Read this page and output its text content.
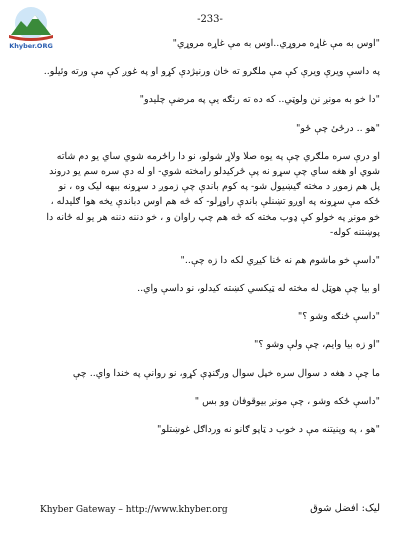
Khyber.ORG
-233-

"اوس به مې غاړه مروړي..اوس به مې غاړه مروړي"

په داسې ويرې ويرې کې مې ملګرو ته خان ورنيژدې کړو او په غوږ کې مې ورته وئيلو..

"دا خو به مونږ نن ولوټي.. که ده ته رنګه يې په مرضې چليدو"

"هو .. درځئ چې ځو"

او درې سره ملګري چې په يوه صلا ولاړ شولو، نو دا راځرمه شوي ساي يو دم شاته شوي او هغه ساي چې سړو نه پې ځرکيدلو رامخته شوي- او له دې سره سم يو دروند پل هم زموږ د مخته ګيښيول شو- په کوم باندې چې زموږ د سړونه ببهه ليک وه ، نو ځکه مې سړونه په اوږو تښنلې باندې راوړلو- که څه هم اوس دباندې يخه هوا ګليدله ، خو مونږ په خولو کې ډوب مخته که څه هم چپ راوان و ، خو دننه دننه هر يو له ځانه دا پوښتنه کوله-

"داسې خو ماشوم هم نه ځنا کيږي لکه دا زه چې.."

او بيا چې هوټل له مخته له ټيکسي کښته کيدلو، نو داسې واي..

"داسې ځنګه وشو ؟"

"او زه بيا وايم، چې ولې وشو ؟"

ما چې د هغه د سوال سره خپل سوال ورګنډې کړو، نو روانې په خندا واي.. چې

"داسې ځکه وشو ، چې مونږ بيوقوفان وو بس "

"هو ، په وينيتنه مې د خوب د ټاپو ګانو نه ورداګل غوښتلو"

Khyber Gateway – http://www.khyber.org	ليک: افضل شوق
